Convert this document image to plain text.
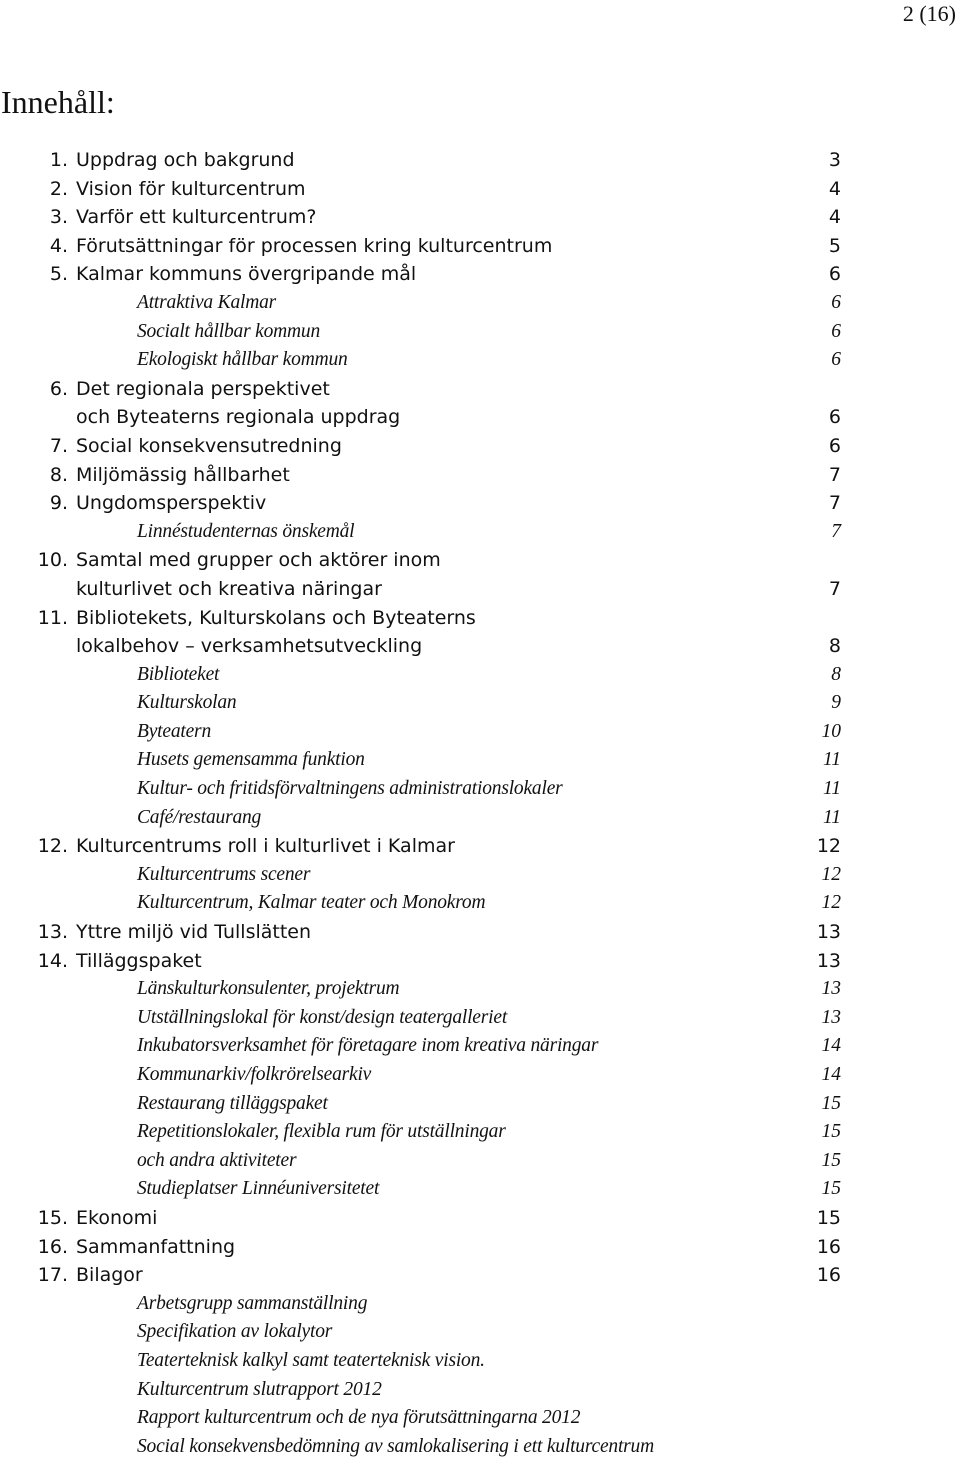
2 (16)
Innehåll:
1. Uppdrag och bakgrund	3
2. Vision för kulturcentrum	4
3. Varför ett kulturcentrum?	4
4. Förutsättningar för processen kring kulturcentrum	5
5. Kalmar kommuns övergripande mål	6
Attraktiva Kalmar	6
Socialt hållbar kommun	6
Ekologiskt hållbar kommun	6
6. Det regionala perspektivet
och Byteaterns regionala uppdrag	6
7. Social konsekvensutredning	6
8. Miljömässig hållbarhet	7
9. Ungdomsperspektiv	7
Linnéstudenternas önskemål	7
10. Samtal med grupper och aktörer inom
kulturlivet och kreativa näringar	7
11. Bibliotekets, Kulturskolans och Byteaterns
lokalbehov – verksamhetsutveckling	8
Biblioteket	8
Kulturskolan	9
Byteatern	10
Husets gemensamma funktion	11
Kultur- och fritidsförvaltningens administrationslokaler	11
Café/restaurang	11
12. Kulturcentrums roll i kulturlivet i Kalmar	12
Kulturcentrums scener	12
Kulturcentrum, Kalmar teater och Monokrom	12
13. Yttre miljö vid Tullslätten	13
14. Tilläggspaket	13
Länskulturkonsulenter, projektrum	13
Utställningslokal för konst/design teatergalleriet	13
Inkubatorsverksamhet för företagare inom kreativa näringar	14
Kommunarkiv/folkrörelsearkiv	14
Restaurang tilläggspaket	15
Repetitionslokaler, flexibla rum för utställningar	15
och andra aktiviteter	15
Studieplatser Linnéuniversitetet	15
15. Ekonomi	15
16. Sammanfattning	16
17. Bilagor	16
Arbetsgrupp sammanställning
Specifikation av lokalytor
Teaterteknisk kalkyl samt teaterteknisk vision.
Kulturcentrum slutrapport 2012
Rapport kulturcentrum och de nya förutsättningarna 2012
Social konsekvensbedömning av samlokalisering i ett kulturcentrum
